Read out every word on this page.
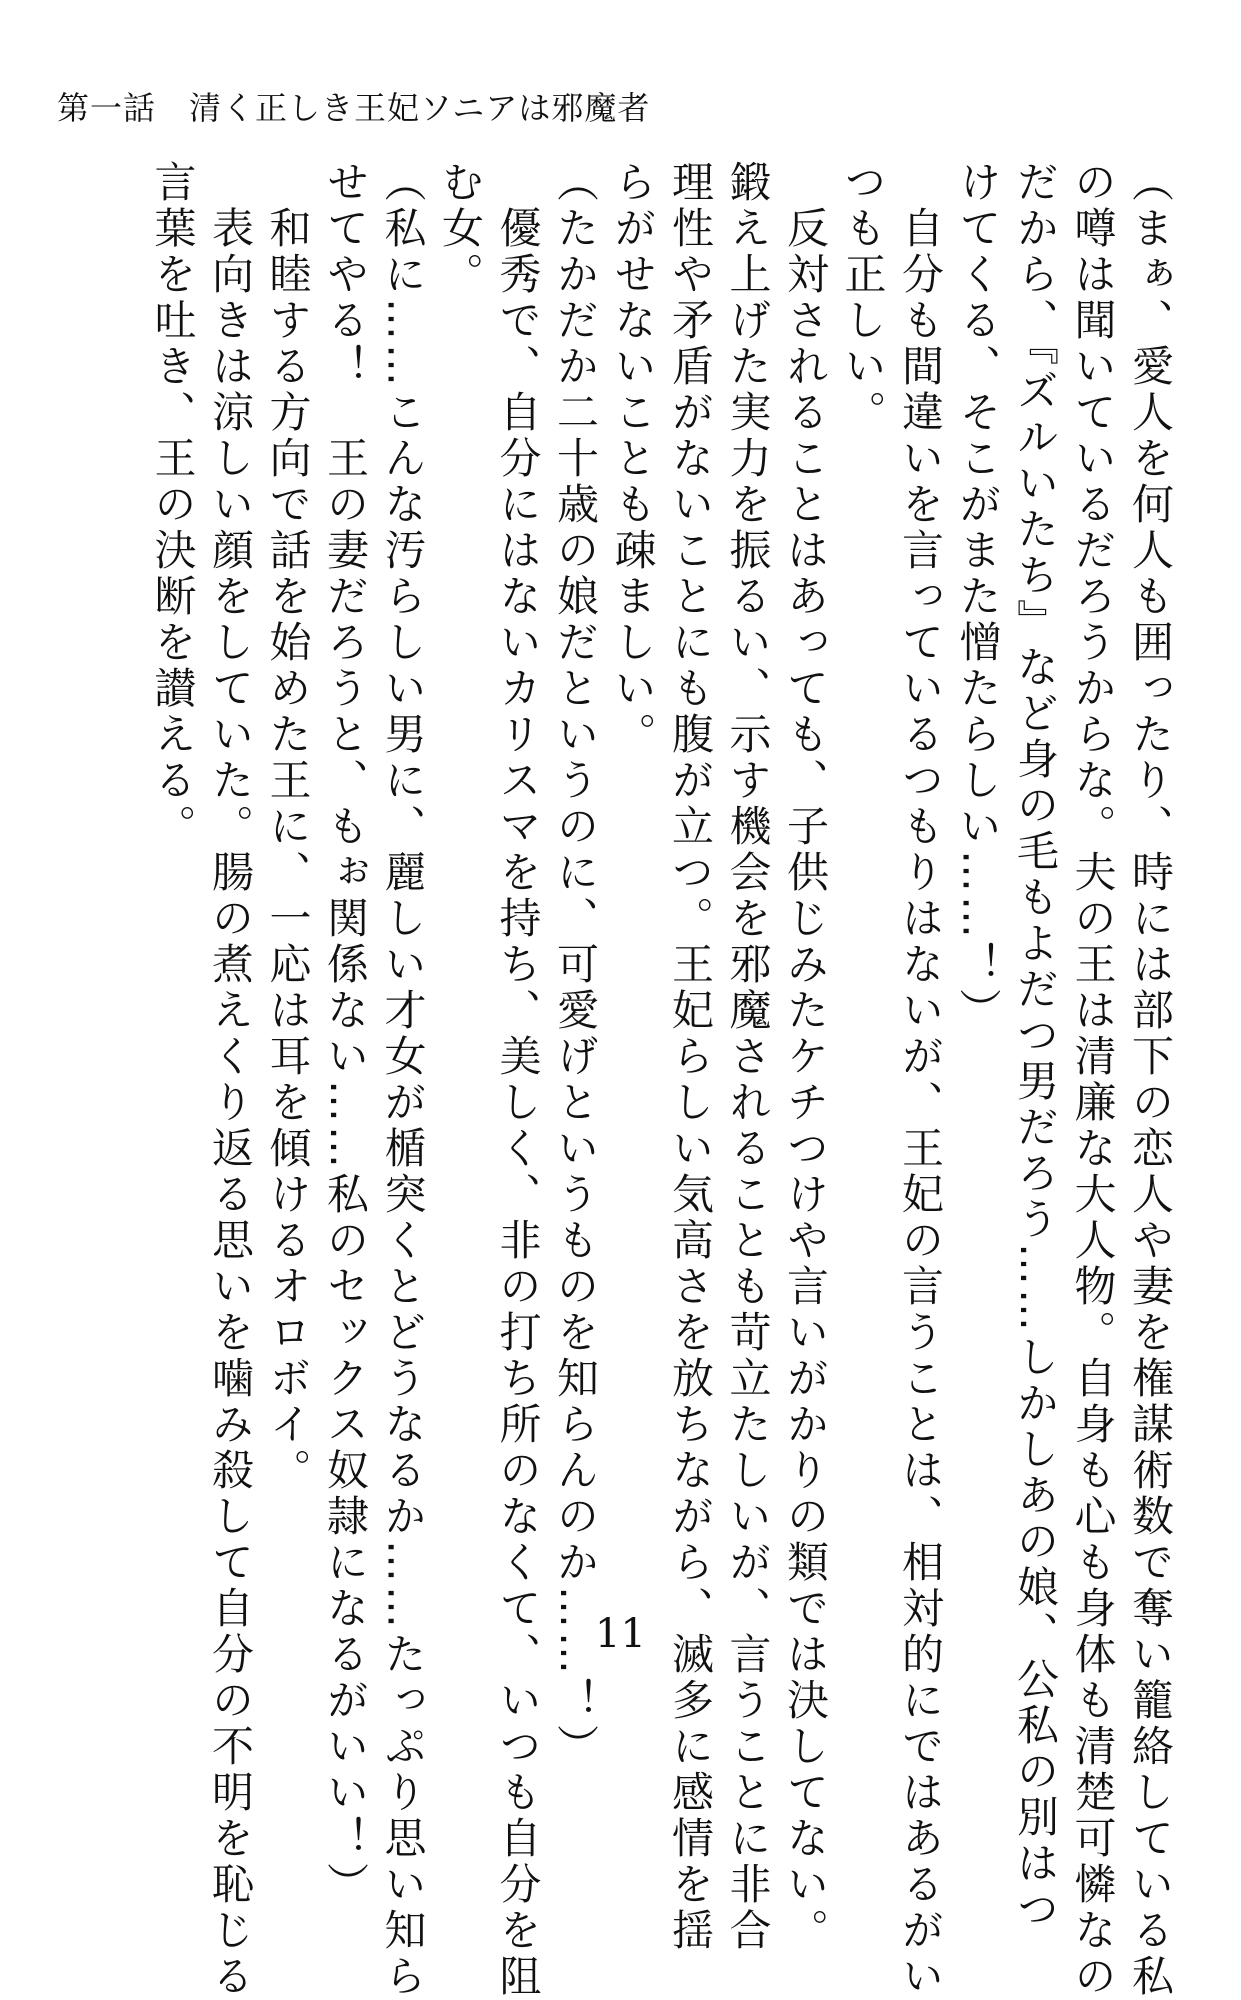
第一話　清く正しき王妃ソニアは邪魔者

（まぁ、愛人を何人も囲ったり、時には部下の恋人や妻を権謀術数で奪い籠絡している私

の噂は聞いているだろうからな。夫の王は清廉な大人物。自身も心も身体も清楚可憐なの

だから、『ズルいたち』など身の毛もよだつ男だろう……しかしあの娘、公私の別はつ

けてくる、そこがまた憎たらしい……！）

　自分も間違いを言っているつもりはないが、王妃の言うことは、相対的にではあるがい

つも正しい。

　反対されることはあっても、子供じみたケチつけや言いがかりの類では決してない。

鍛え上げた実力を振るい、示す機会を邪魔されることも苛立たしいが、言うことに非合

理性や矛盾がないことにも腹が立つ。王妃らしい気高さを放ちながら、滅多に感情を揺

らがせないことも疎ましい。

（たかだか二十歳の娘だというのに、可愛げというものを知らんのか……！）

　優秀で、自分にはないカリスマを持ち、美しく、非の打ち所のなくて、いつも自分を阻

む女。

（私に……こんな汚らしい男に、麗しい才女が楯突くとどうなるか……たっぷり思い知ら

せてやる！　王の妻だろうと、もぉ関係ない……私のセックス奴隷になるがいい！）

　和睦する方向で話を始めた王に、一応は耳を傾けるオロボイ。

　表向きは涼しい顔をしていた。腸の煮えくり返る思いを噛み殺して自分の不明を恥じる

言葉を吐き、王の決断を讃える。

11
